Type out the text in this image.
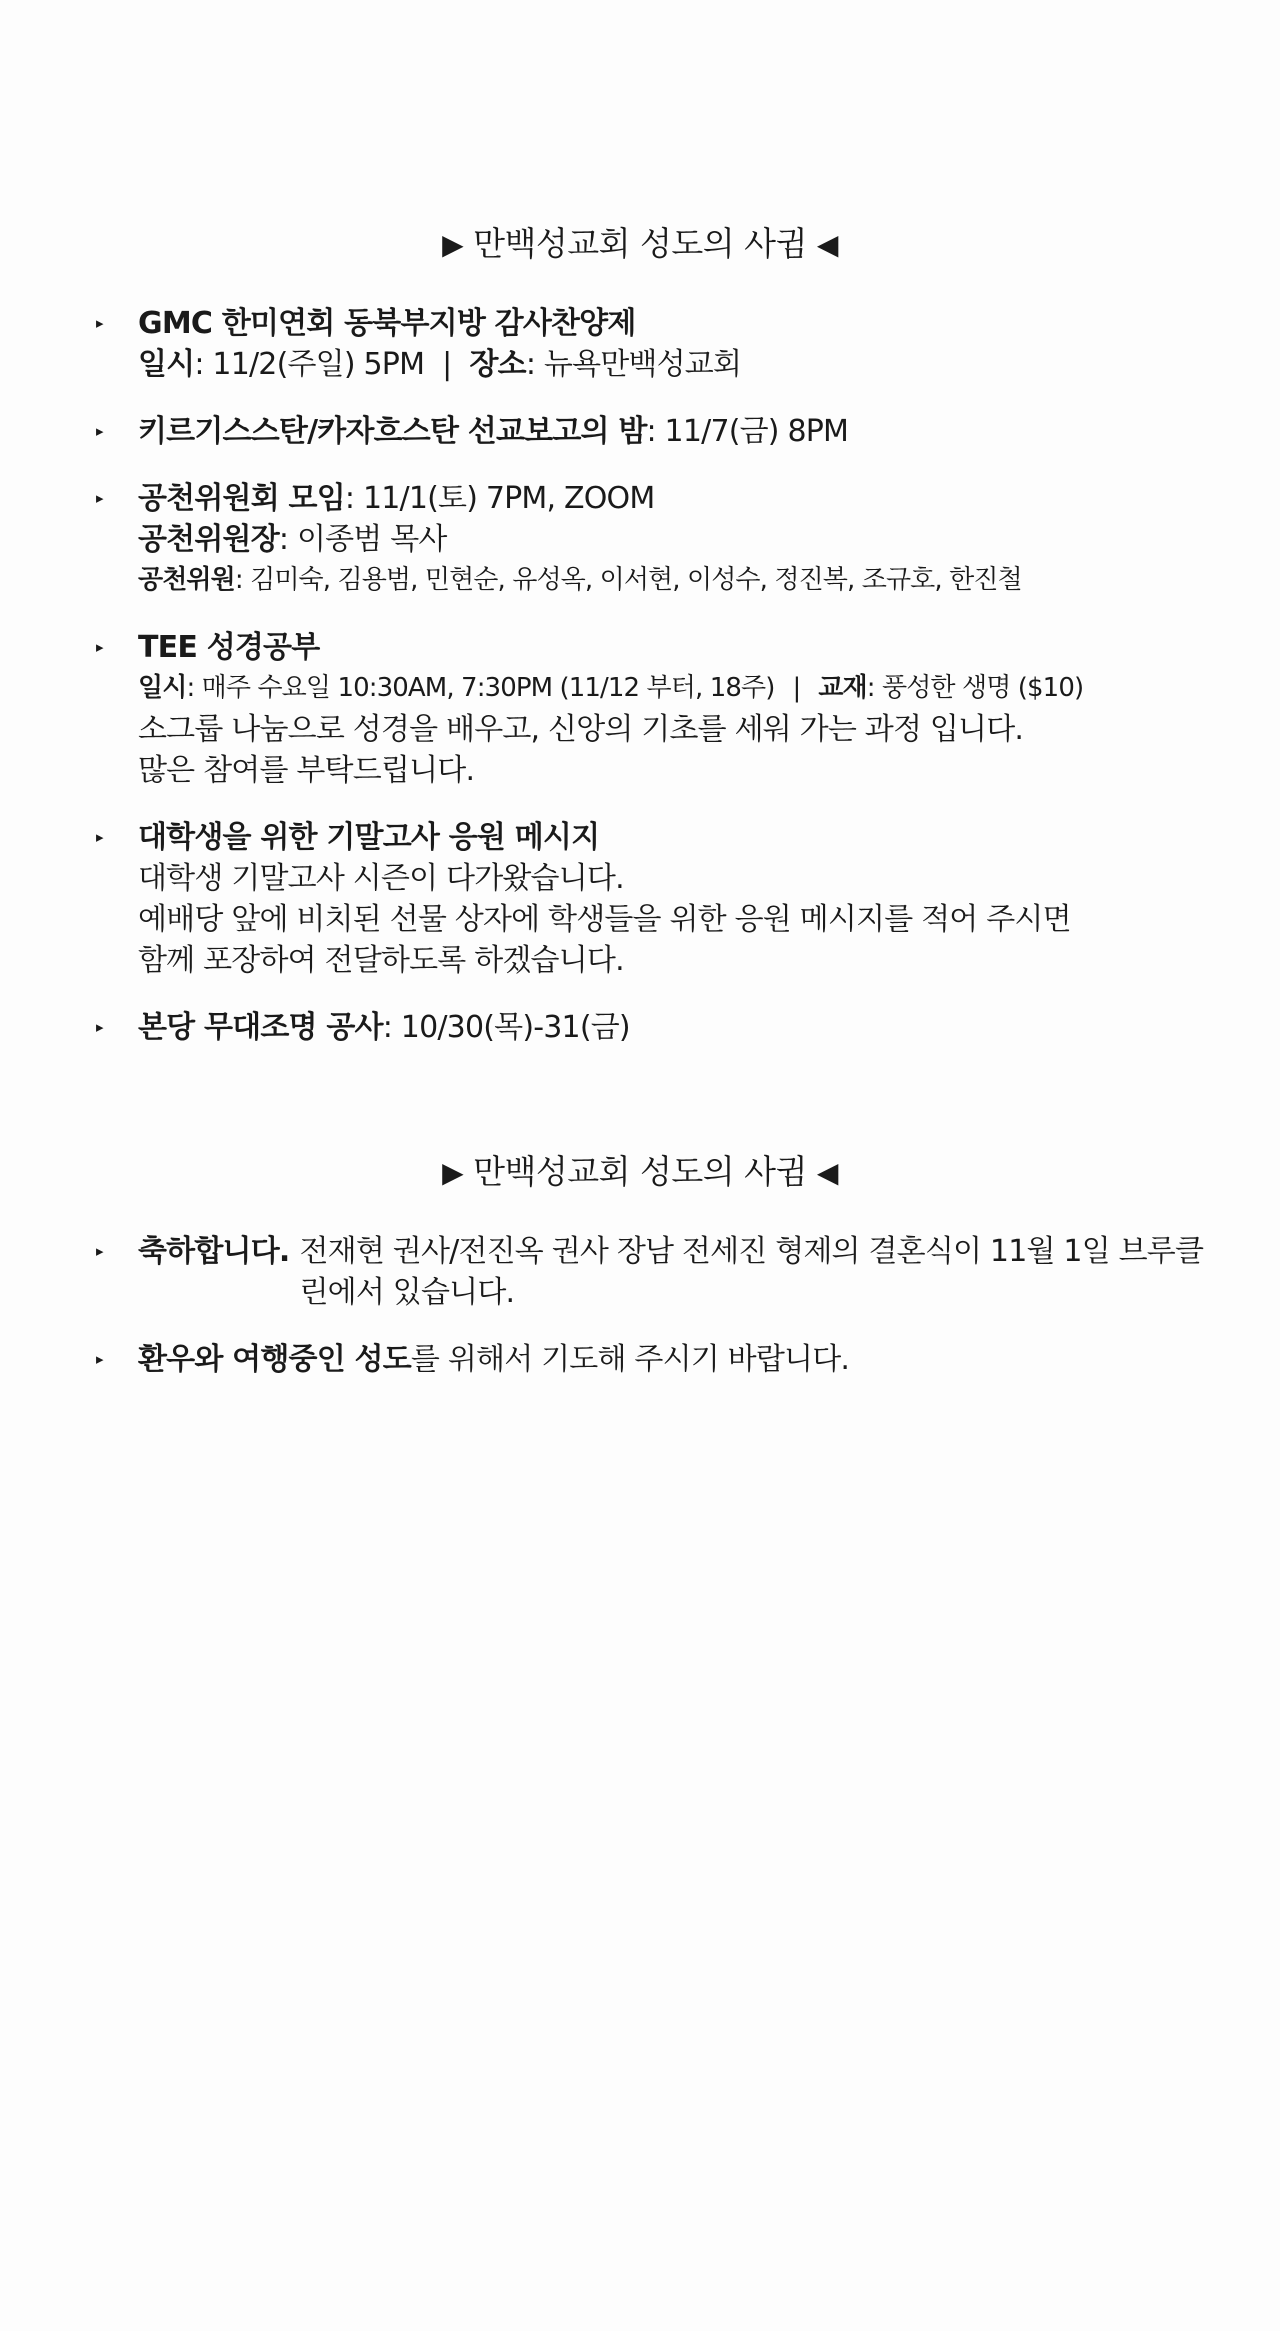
▶ 만백성교회 성도의 사귐 ◀
▸ GMC 한미연회 동북부지방 감사찬양제
일시: 11/2(주일) 5PM | 장소: 뉴욕만백성교회
▸ 키르기스스탄/카자흐스탄 선교보고의 밤: 11/7(금) 8PM
▸ 공천위원회 모임: 11/1(토) 7PM, ZOOM
공천위원장: 이종범 목사
공천위원: 김미숙, 김용범, 민현순, 유성옥, 이서현, 이성수, 정진복, 조규호, 한진철
▸ TEE 성경공부
일시: 매주 수요일 10:30AM, 7:30PM (11/12 부터, 18주) | 교재: 풍성한 생명 ($10)
소그룹 나눔으로 성경을 배우고, 신앙의 기초를 세워 가는 과정 입니다.
많은 참여를 부탁드립니다.
▸ 대학생을 위한 기말고사 응원 메시지
대학생 기말고사 시즌이 다가왔습니다.
예배당 앞에 비치된 선물 상자에 학생들을 위한 응원 메시지를 적어 주시면
함께 포장하여 전달하도록 하겠습니다.
▸ 본당 무대조명 공사: 10/30(목)-31(금)
▶ 만백성교회 성도의 사귐 ◀
▸ 축하합니다. 전재현 권사/전진옥 권사 장남 전세진 형제의 결혼식이 11월 1일 브루클린에서 있습니다.
▸ 환우와 여행중인 성도를 위해서 기도해 주시기 바랍니다.
